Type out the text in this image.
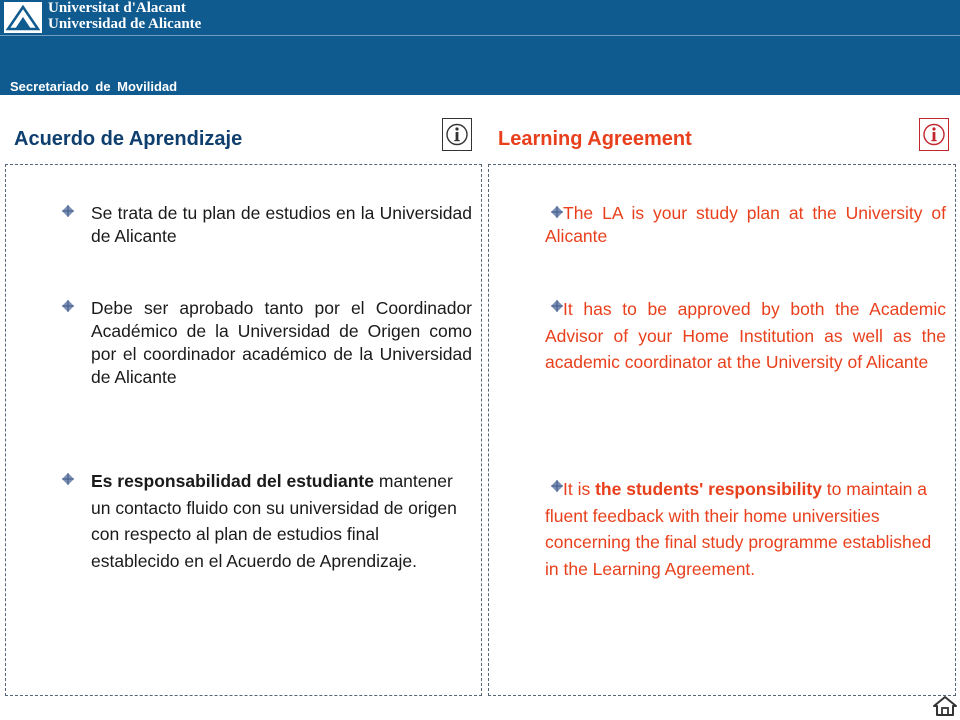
Universitat d'Alacant
Universidad de Alicante
Secretariado de Movilidad
Acuerdo de Aprendizaje	Learning Agreement
Se trata de tu plan de estudios en la Universidad de Alicante
Debe ser aprobado tanto por el Coordinador Académico de la Universidad de Origen como por el coordinador académico de la Universidad de Alicante
Es responsabilidad del estudiante mantener un contacto fluido con su universidad de origen con respecto al plan de estudios final establecido en el Acuerdo de Aprendizaje.
The LA is your study plan at the University of Alicante
It has to be approved by both the Academic Advisor of your Home Institution as well as the academic coordinator at the University of Alicante
It is the students' responsibility to maintain a fluent feedback with their home universities concerning the final study programme established in the Learning Agreement.
